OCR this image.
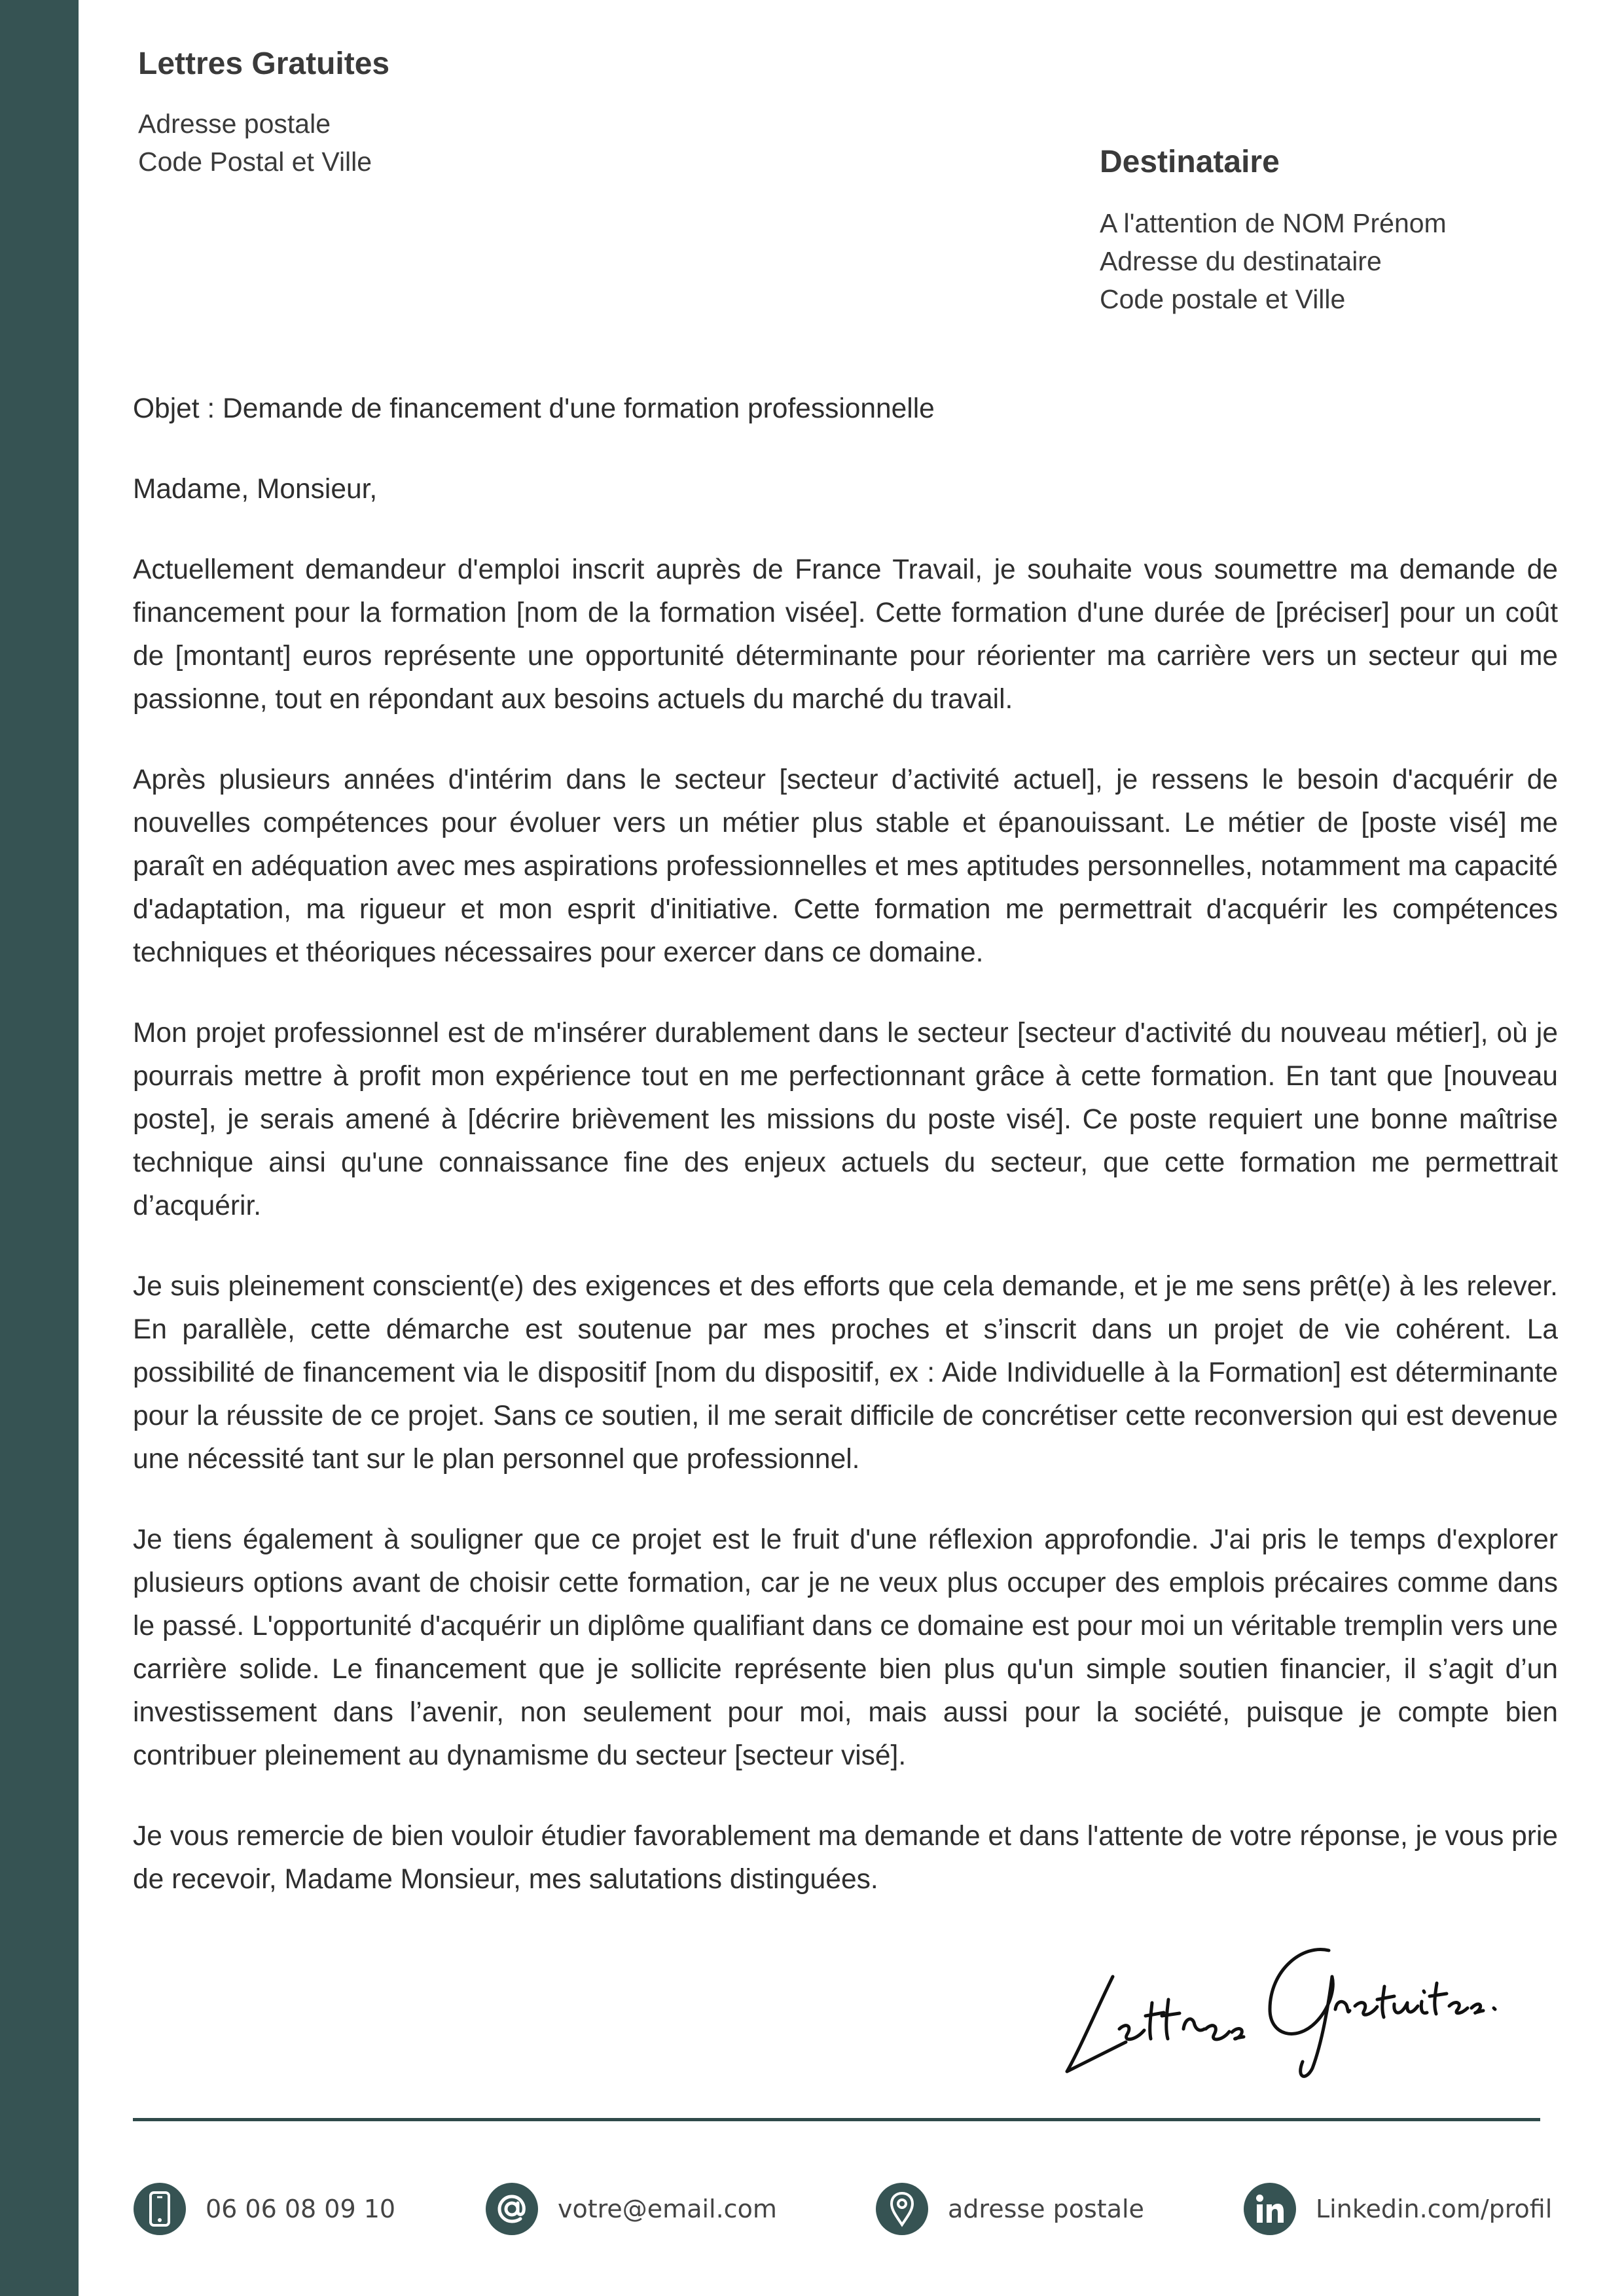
Lettres Gratuites
Adresse postale
Code Postal et Ville	Destinataire
A l'attention de NOM Prénom
Adresse du destinataire
Code postale et Ville

Objet : Demande de financement d'une formation professionnelle

Madame, Monsieur,

Actuellement demandeur d'emploi inscrit auprès de France Travail, je souhaite vous soumettre ma demande de financement pour la formation [nom de la formation visée]. Cette formation d'une durée de [préciser] pour un coût de [montant] euros représente une opportunité déterminante pour réorienter ma carrière vers un secteur qui me passionne, tout en répondant aux besoins actuels du marché du travail.

Après plusieurs années d'intérim dans le secteur [secteur d’activité actuel], je ressens le besoin d'acquérir de nouvelles compétences pour évoluer vers un métier plus stable et épanouissant. Le métier de [poste visé] me paraît en adéquation avec mes aspirations professionnelles et mes aptitudes personnelles, notamment ma capacité d'adaptation, ma rigueur et mon esprit d'initiative. Cette formation me permettrait d'acquérir les compétences techniques et théoriques nécessaires pour exercer dans ce domaine.

Mon projet professionnel est de m'insérer durablement dans le secteur [secteur d'activité du nouveau métier], où je pourrais mettre à profit mon expérience tout en me perfectionnant grâce à cette formation. En tant que [nouveau poste], je serais amené à [décrire brièvement les missions du poste visé]. Ce poste requiert une bonne maîtrise technique ainsi qu'une connaissance fine des enjeux actuels du secteur, que cette formation me permettrait d’acquérir.

Je suis pleinement conscient(e) des exigences et des efforts que cela demande, et je me sens prêt(e) à les relever. En parallèle, cette démarche est soutenue par mes proches et s’inscrit dans un projet de vie cohérent. La possibilité de financement via le dispositif [nom du dispositif, ex : Aide Individuelle à la Formation] est déterminante pour la réussite de ce projet. Sans ce soutien, il me serait difficile de concrétiser cette reconversion qui est devenue une nécessité tant sur le plan personnel que professionnel.

Je tiens également à souligner que ce projet est le fruit d'une réflexion approfondie. J'ai pris le temps d'explorer plusieurs options avant de choisir cette formation, car je ne veux plus occuper des emplois précaires comme dans le passé. L'opportunité d'acquérir un diplôme qualifiant dans ce domaine est pour moi un véritable tremplin vers une carrière solide. Le financement que je sollicite représente bien plus qu'un simple soutien financier, il s’agit d’un investissement dans l’avenir, non seulement pour moi, mais aussi pour la société, puisque je compte bien contribuer pleinement au dynamisme du secteur [secteur visé].

Je vous remercie de bien vouloir étudier favorablement ma demande et dans l'attente de votre réponse, je vous prie de recevoir, Madame Monsieur, mes salutations distinguées.

06 06 08 09 10	votre@email.com	adresse postale	Linkedin.com/profil
